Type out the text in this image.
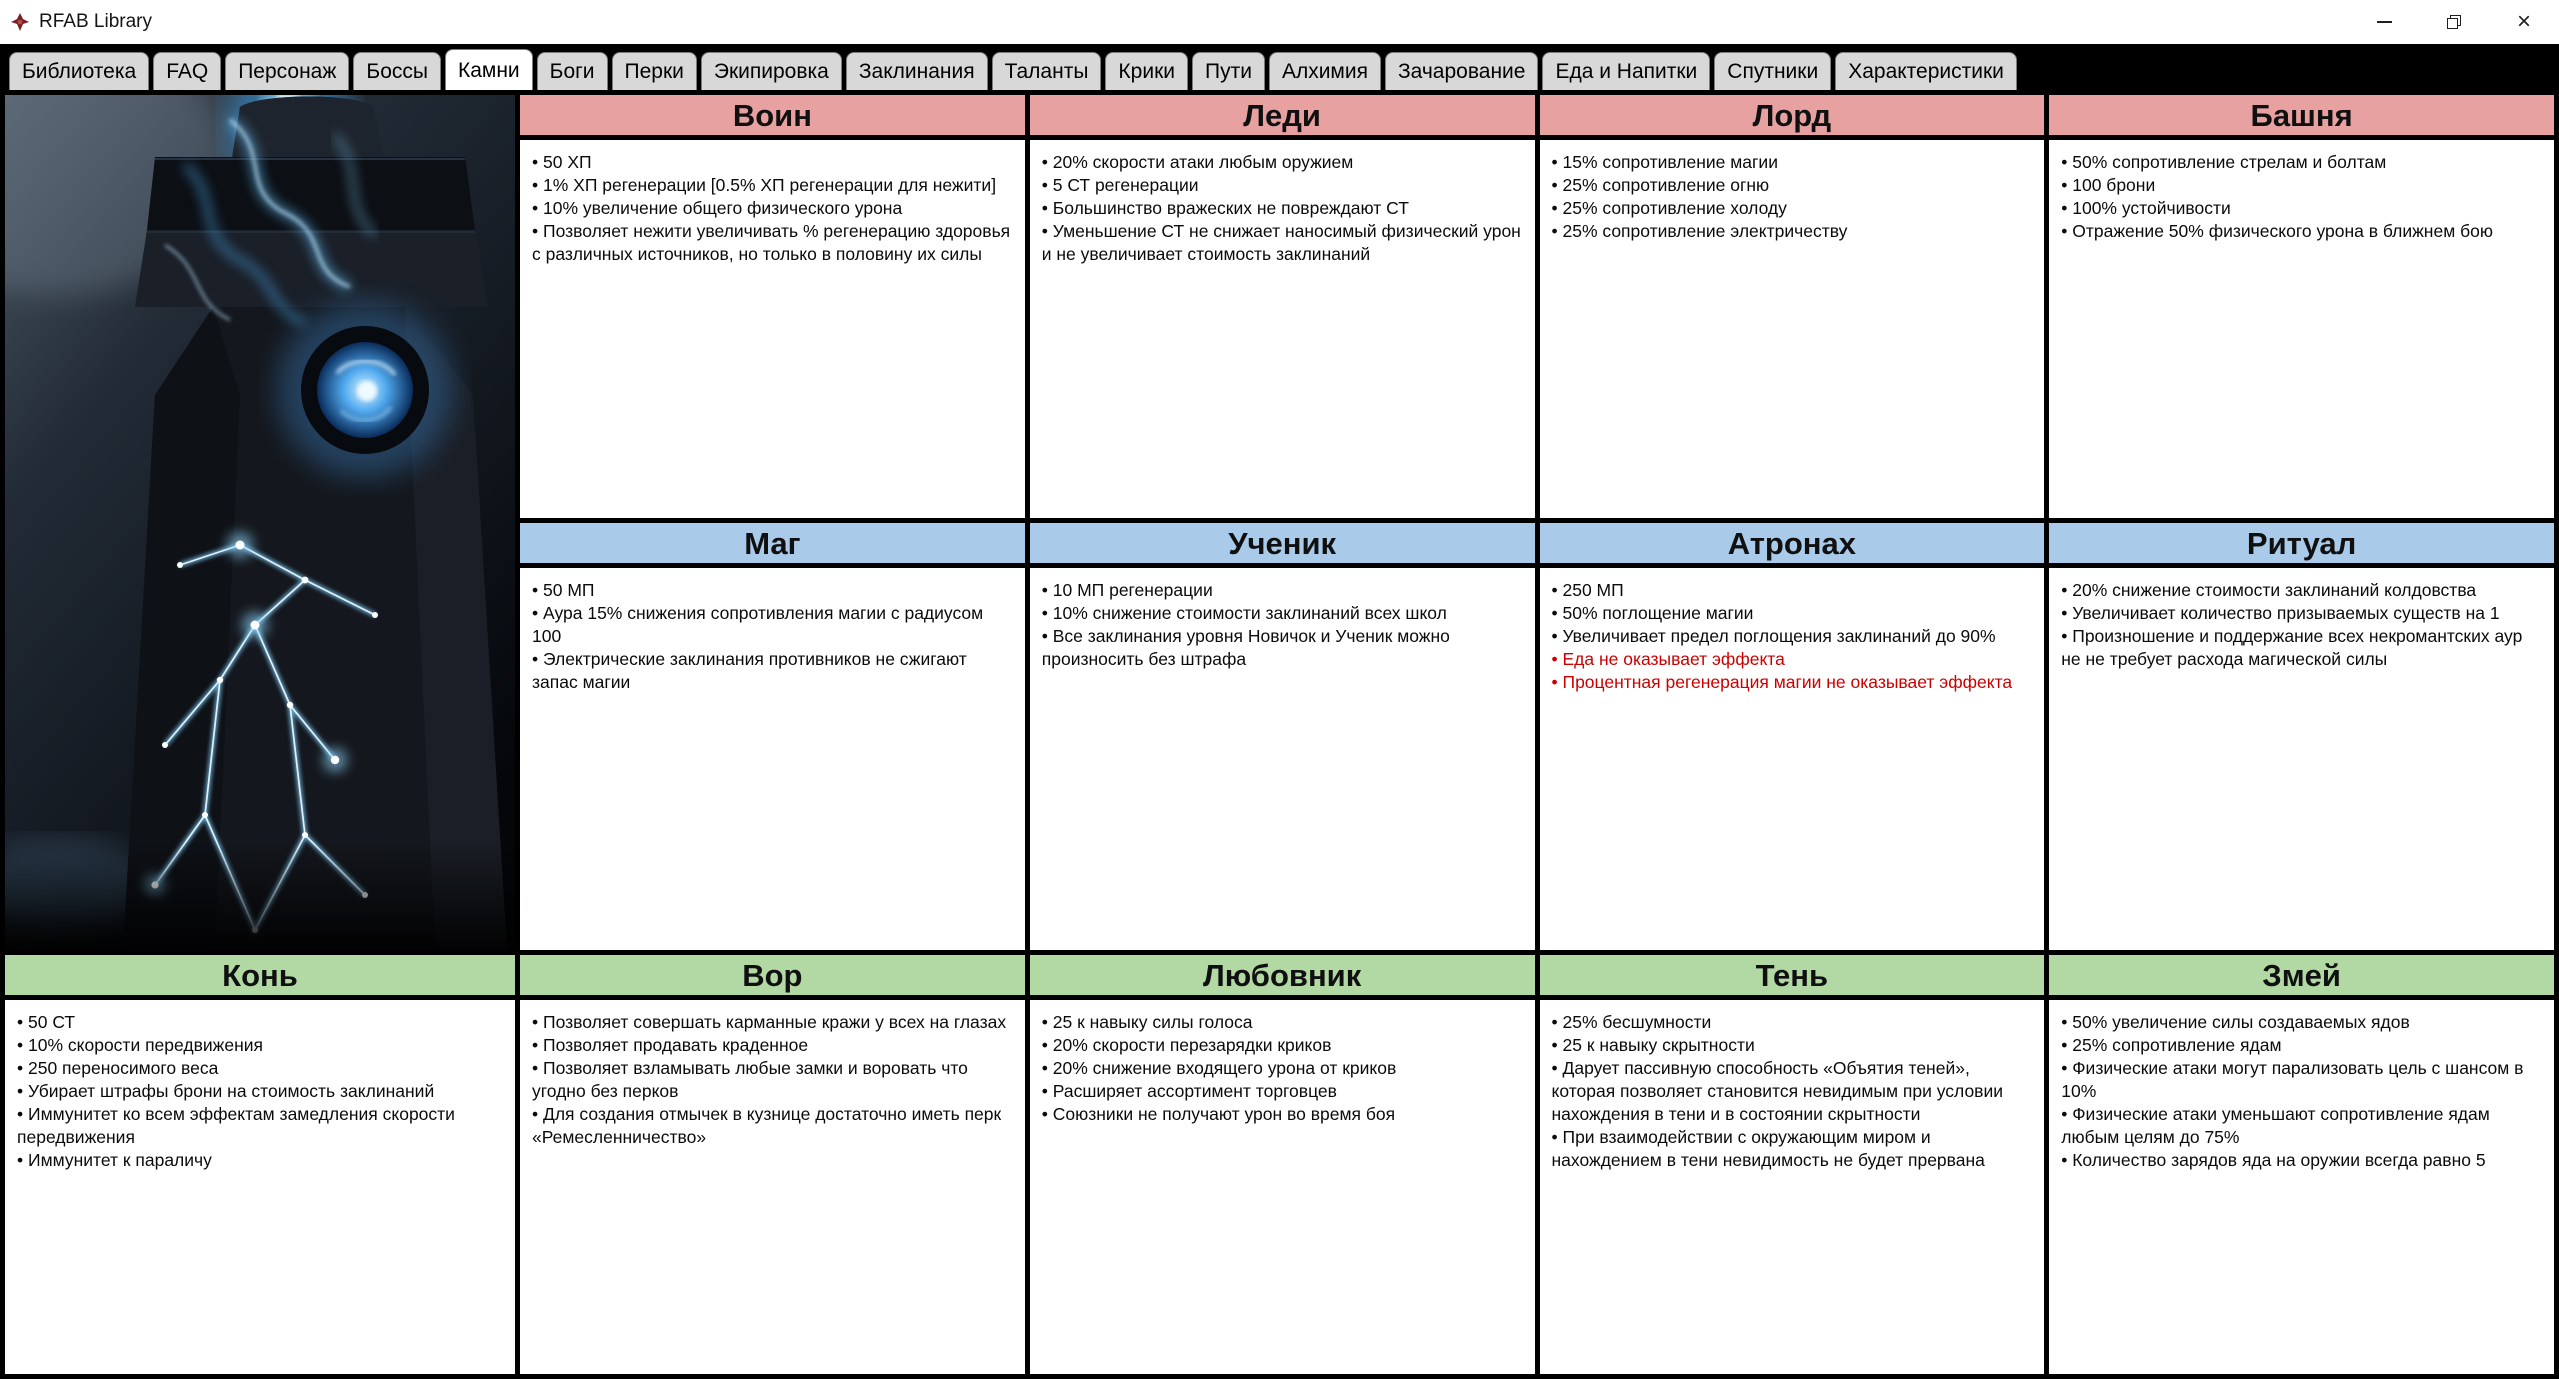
RFAB Library	×
Библиотека	FAQ	Персонаж	Боссы	Камни	Боги	Перки	Экипировка	Заклинания	Таланты	Крики	Пути	Алхимия	Зачарование	Еда и Напитки	Спутники	Характеристики
Воин
• 50 ХП
• 1% ХП регенерации [0.5% ХП регенерации для нежити]
• 10% увеличение общего физического урона
• Позволяет нежити увеличивать % регенерацию здоровья с различных источников, но только в половину их силы
Леди
• 20% скорости атаки любым оружием
• 5 СТ регенерации
• Большинство вражеских не повреждают СТ
• Уменьшение СТ не снижает наносимый физический урон и не увеличивает стоимость заклинаний
Лорд
• 15% сопротивление магии
• 25% сопротивление огню
• 25% сопротивление холоду
• 25% сопротивление электричеству
Башня
• 50% сопротивление стрелам и болтам
• 100 брони
• 100% устойчивости
• Отражение 50% физического урона в ближнем бою
Маг
• 50 МП
• Аура 15% снижения сопротивления магии с радиусом 100
• Электрические заклинания противников не сжигают запас магии
Ученик
• 10 МП регенерации
• 10% снижение стоимости заклинаний всех школ
• Все заклинания уровня Новичок и Ученик можно произносить без штрафа
Атронах
• 250 МП
• 50% поглощение магии
• Увеличивает предел поглощения заклинаний до 90%
• Еда не оказывает эффекта
• Процентная регенерация магии не оказывает эффекта
Ритуал
• 20% снижение стоимости заклинаний колдовства
• Увеличивает количество призываемых существ на 1
• Произношение и поддержание всех некромантских аур не не требует расхода магической силы
Конь
• 50 СТ
• 10% скорости передвижения
• 250 переносимого веса
• Убирает штрафы брони на стоимость заклинаний
• Иммунитет ко всем эффектам замедления скорости передвижения
• Иммунитет к параличу
Вор
• Позволяет совершать карманные кражи у всех на глазах
• Позволяет продавать краденное
• Позволяет взламывать любые замки и воровать что угодно без перков
• Для создания отмычек в кузнице достаточно иметь перк «Ремесленничество»
Любовник
• 25 к навыку силы голоса
• 20% скорости перезарядки криков
• 20% снижение входящего урона от криков
• Расширяет ассортимент торговцев
• Союзники не получают урон во время боя
Тень
• 25% бесшумности
• 25 к навыку скрытности
• Дарует пассивную способность «Объятия теней», которая позволяет становится невидимым при условии нахождения в тени и в состоянии скрытности
• При взаимодействии с окружающим миром и нахождением в тени невидимость не будет прервана
Змей
• 50% увеличение силы создаваемых ядов
• 25% сопротивление ядам
• Физические атаки могут парализовать цель с шансом в 10%
• Физические атаки уменьшают сопротивление ядам любым целям до 75%
• Количество зарядов яда на оружии всегда равно 5
